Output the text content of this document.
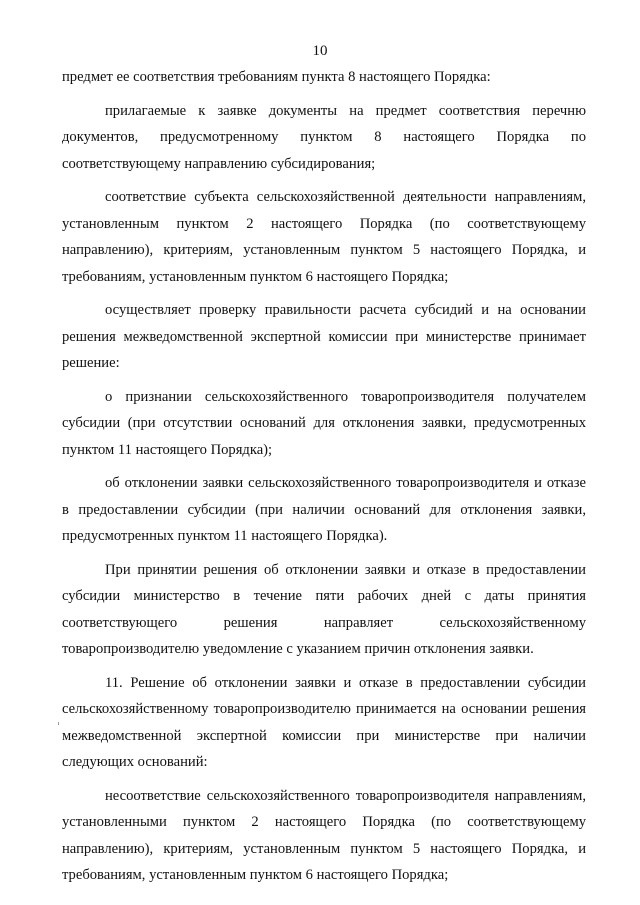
10

предмет ее соответствия требованиям пункта 8 настоящего Порядка:

прилагаемые к заявке документы на предмет соответствия перечню документов, предусмотренному пунктом 8 настоящего Порядка по соответствующему направлению субсидирования;

соответствие субъекта сельскохозяйственной деятельности направлениям, установленным пунктом 2 настоящего Порядка (по соответствующему направлению), критериям, установленным пунктом 5 настоящего Порядка, и требованиям, установленным пунктом 6 настоящего Порядка;

осуществляет проверку правильности расчета субсидий и на основании решения межведомственной экспертной комиссии при министерстве принимает решение:

о признании сельскохозяйственного товаропроизводителя получателем субсидии (при отсутствии оснований для отклонения заявки, предусмотренных пунктом 11 настоящего Порядка);

об отклонении заявки сельскохозяйственного товаропроизводителя и отказе в предоставлении субсидии (при наличии оснований для отклонения заявки, предусмотренных пунктом 11 настоящего Порядка).

При принятии решения об отклонении заявки и отказе в предоставлении субсидии министерство в течение пяти рабочих дней с даты принятия соответствующего решения направляет сельскохозяйственному товаропроизводителю уведомление с указанием причин отклонения заявки.

11. Решение об отклонении заявки и отказе в предоставлении субсидии сельскохозяйственному товаропроизводителю принимается на основании решения межведомственной экспертной комиссии при министерстве при наличии следующих оснований:

несоответствие сельскохозяйственного товаропроизводителя направлениям, установленными пунктом 2 настоящего Порядка (по соответствующему направлению), критериям, установленным пунктом 5 настоящего Порядка, и требованиям, установленным пунктом 6 настоящего Порядка;
